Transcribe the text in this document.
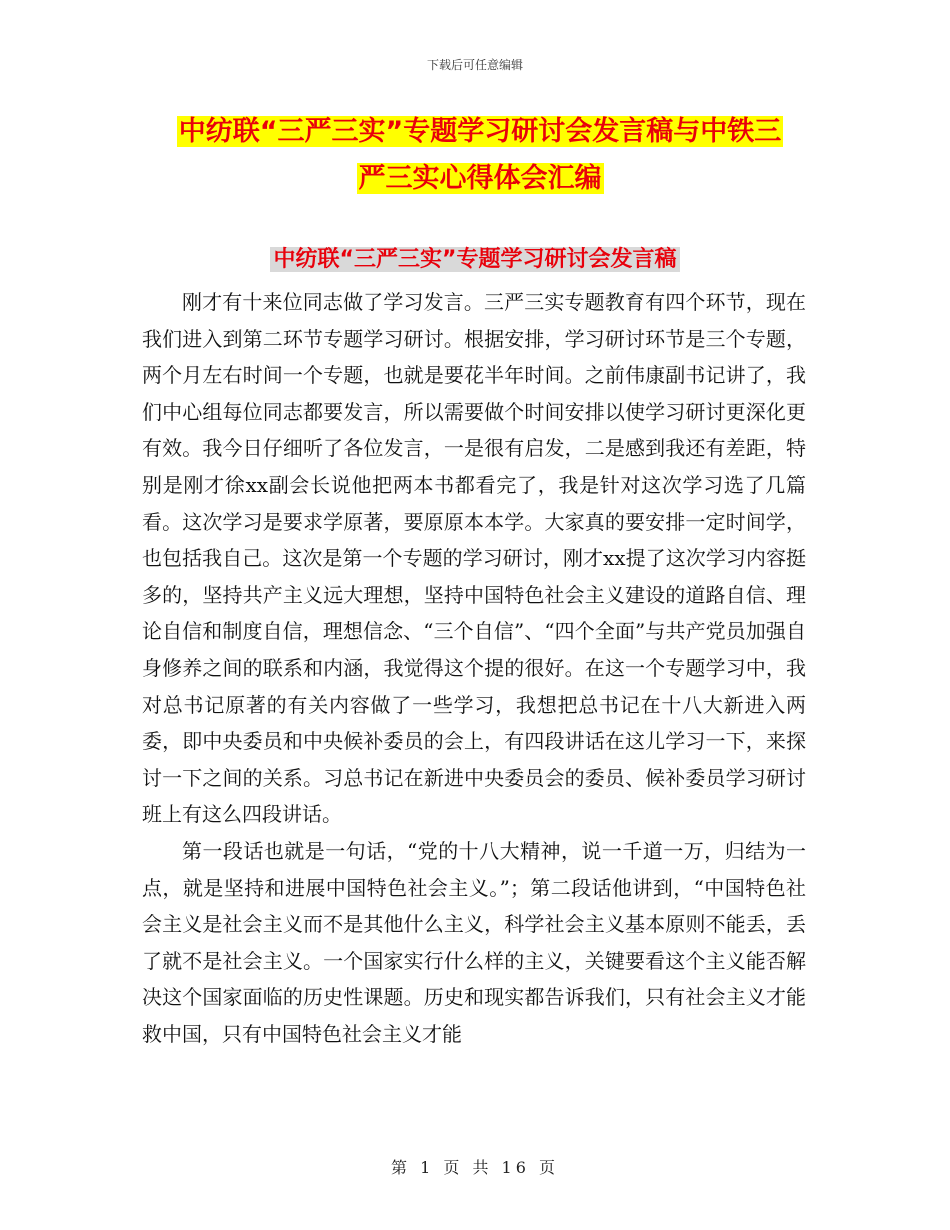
下载后可任意编辑
中纺联“三严三实”专题学习研讨会发言稿与中铁三
严三实心得体会汇编
中纺联“三严三实”专题学习研讨会发言稿

刚才有十来位同志做了学习发言。三严三实专题教育有四个环节，现在我们进入到第二环节专题学习研讨。根据安排，学习研讨环节是三个专题，两个月左右时间一个专题，也就是要花半年时间。之前伟康副书记讲了，我们中心组每位同志都要发言，所以需要做个时间安排以使学习研讨更深化更有效。我今日仔细听了各位发言，一是很有启发，二是感到我还有差距，特别是刚才徐xx副会长说他把两本书都看完了，我是针对这次学习选了几篇看。这次学习是要求学原著，要原原本本学。大家真的要安排一定时间学，也包括我自己。这次是第一个专题的学习研讨，刚才xx提了这次学习内容挺多的，坚持共产主义远大理想，坚持中国特色社会主义建设的道路自信、理论自信和制度自信，理想信念、“三个自信”、“四个全面”与共产党员加强自身修养之间的联系和内涵，我觉得这个提的很好。在这一个专题学习中，我对总书记原著的有关内容做了一些学习，我想把总书记在十八大新进入两委，即中央委员和中央候补委员的会上，有四段讲话在这儿学习一下，来探讨一下之间的关系。习总书记在新进中央委员会的委员、候补委员学习研讨班上有这么四段讲话。

第一段话也就是一句话，“党的十八大精神，说一千道一万，归结为一点，就是坚持和进展中国特色社会主义。”；第二段话他讲到，“中国特色社会主义是社会主义而不是其他什么主义，科学社会主义基本原则不能丢，丢了就不是社会主义。一个国家实行什么样的主义，关键要看这个主义能否解决这个国家面临的历史性课题。历史和现实都告诉我们，只有社会主义才能救中国，只有中国特色社会主义才能

第 1 页 共 16 页
